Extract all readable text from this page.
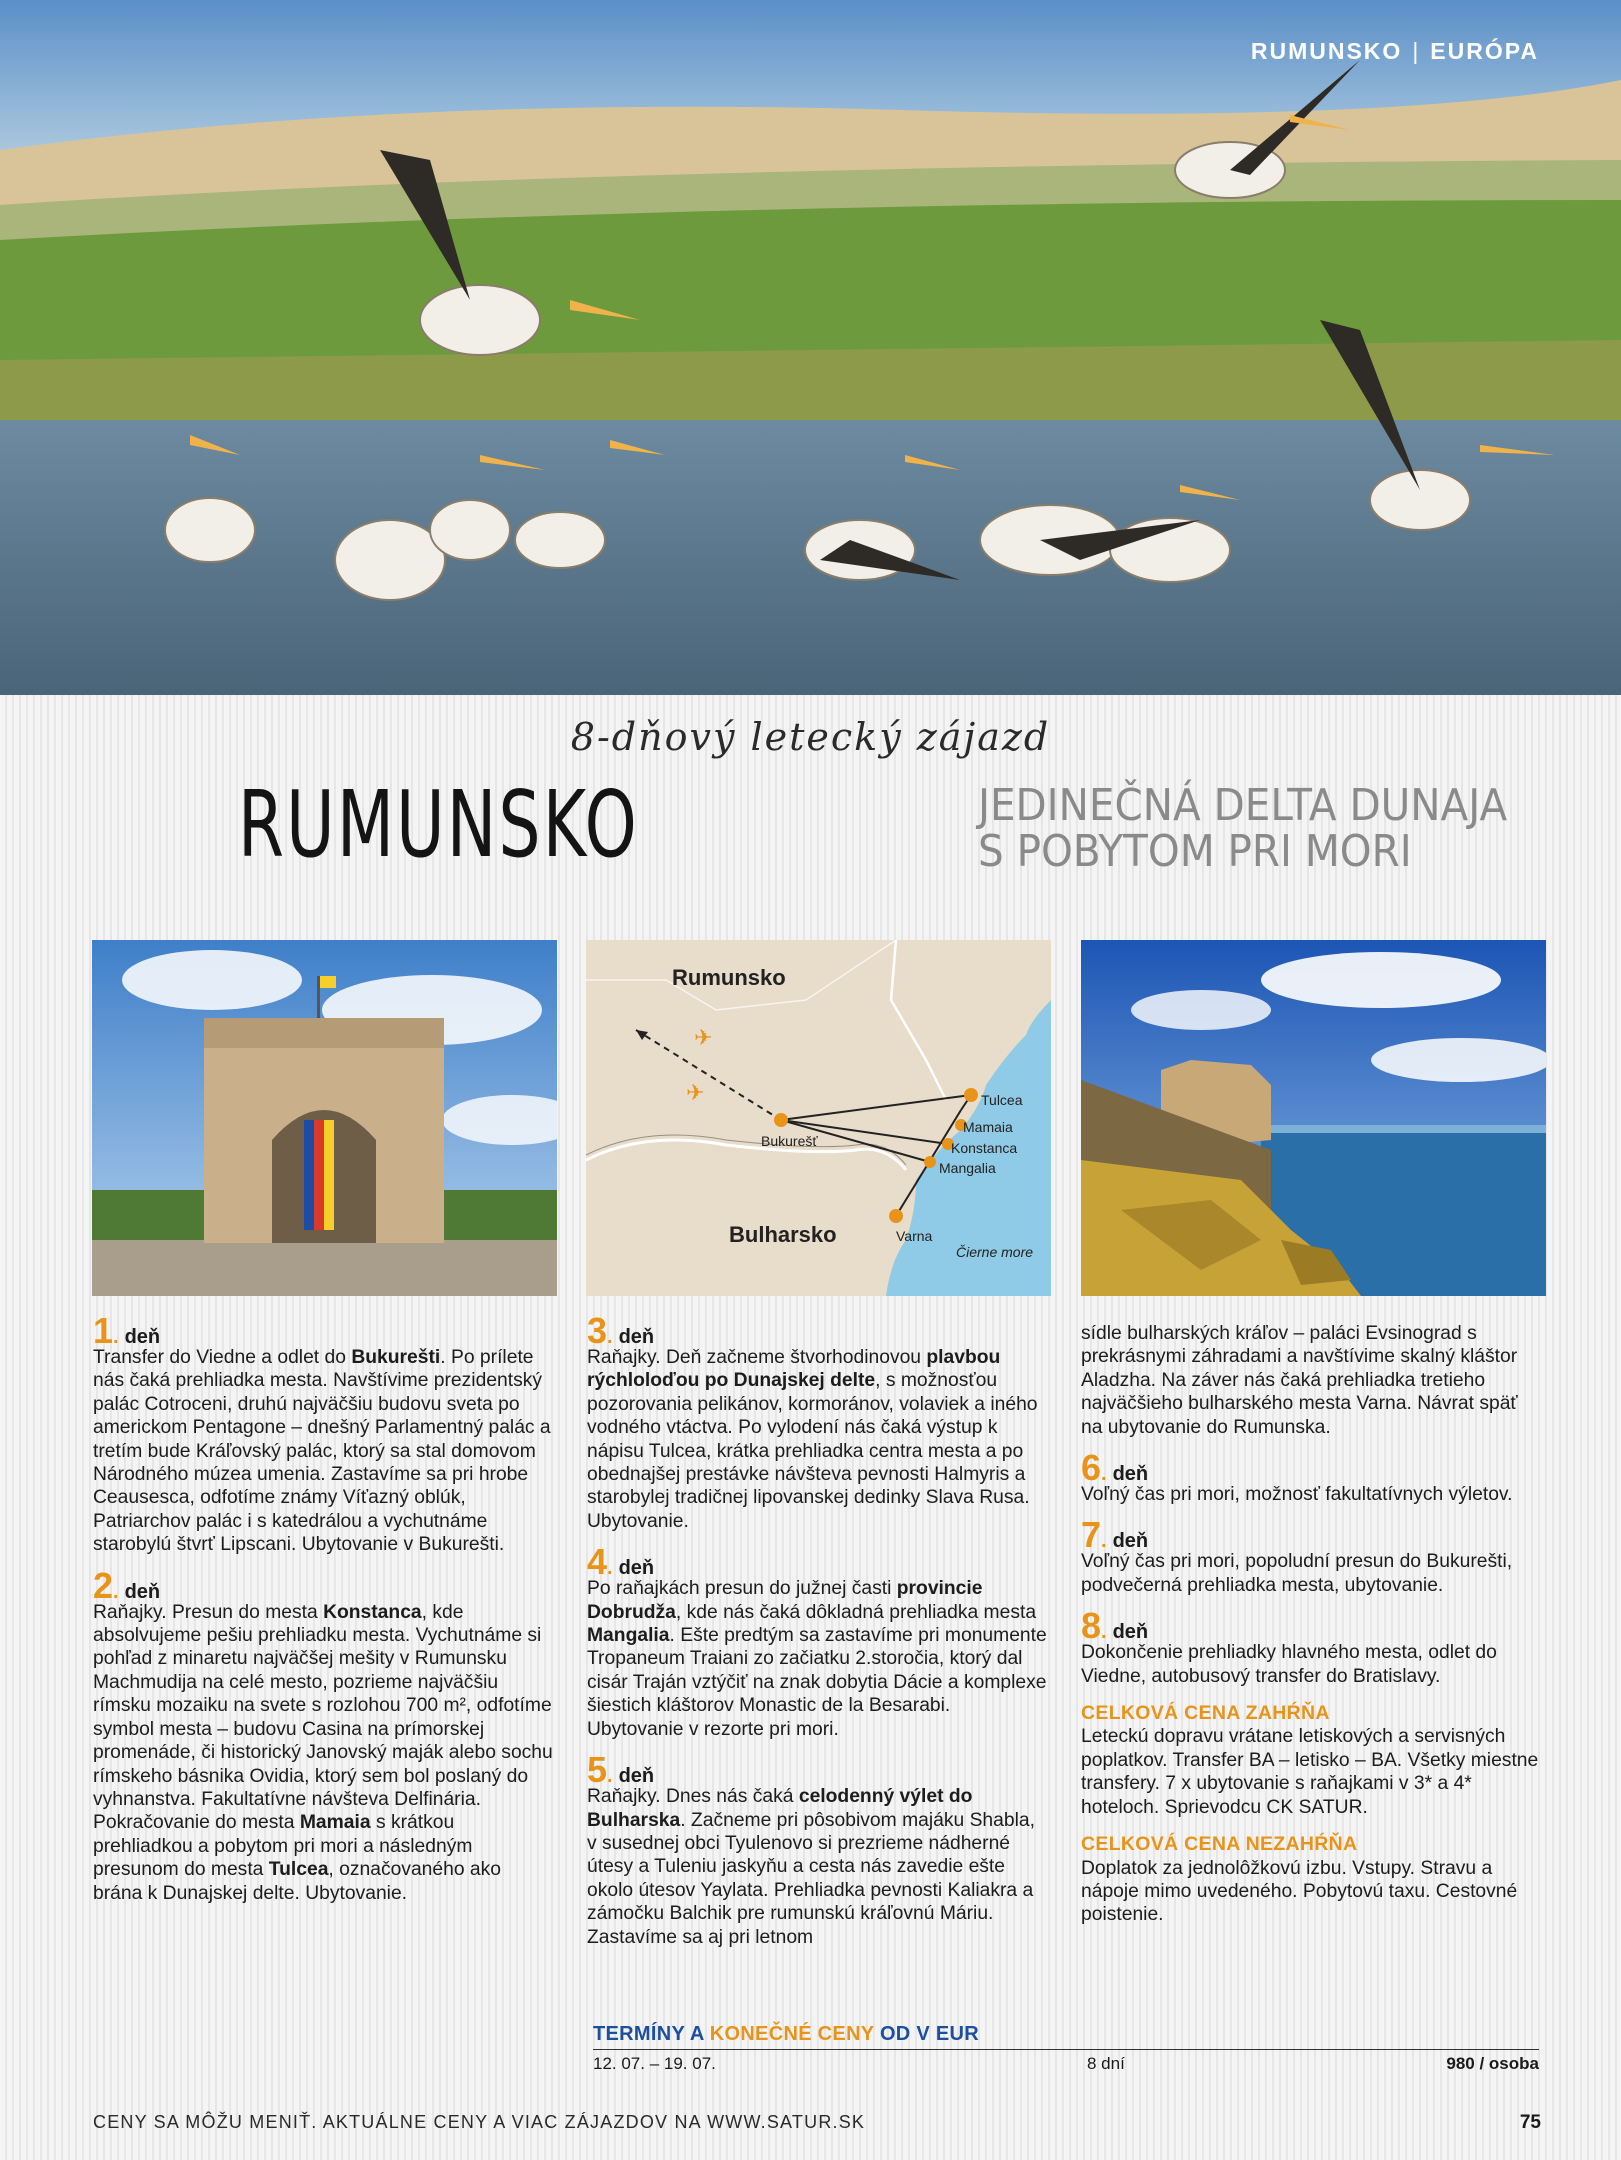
RUMUNSKO | EURÓPA
8-dňový letecký zájazd
RUMUNSKO	JEDINEČNÁ DELTA DUNAJA
S POBYTOM PRI MORI
✈
✈
Rumunsko
Bulharsko
Čierne more
Bukurešť
Tulcea
Mamaia
Konstanca
Mangalia
Varna
1 . deň

Transfer do Viedne a odlet do Bukurešti. Po prílete nás čaká prehliadka mesta. Navštívime prezidentský palác Cotroceni, druhú najväčšiu budovu sveta po americkom Pentagone – dnešný Parlamentný palác a tretím bude Kráľovský palác, ktorý sa stal domovom Národného múzea umenia. Zastavíme sa pri hrobe Ceausesca, odfotíme známy Víťazný oblúk, Patriarchov palác i s katedrálou a vychutnáme starobylú štvrť Lipscani. Ubytovanie v Bukurešti.

2 . deň

Raňajky. Presun do mesta Konstanca, kde absolvujeme pešiu prehliadku mesta. Vychutnáme si pohľad z minaretu najväčšej mešity v Rumunsku Machmudija na celé mesto, pozrieme najväčšiu rímsku mozaiku na svete s rozlohou 700 m², odfotíme symbol mesta – budovu Casina na prímorskej promenáde, či historický Janovský maják alebo sochu rímskeho básnika Ovidia, ktorý sem bol poslaný do vyhnanstva. Fakultatívne návšteva Delfinária. Pokračovanie do mesta Mamaia s krátkou prehliadkou a pobytom pri mori a následným presunom do mesta Tulcea, označovaného ako brána k Dunajskej delte. Ubytovanie.

3 . deň

Raňajky. Deň začneme štvorhodinovou plavbou rýchloloďou po Dunajskej delte, s možnosťou pozorovania pelikánov, kormoránov, volaviek a iného vodného vtáctva. Po vylodení nás čaká výstup k nápisu Tulcea, krátka prehliadka centra mesta a po obednajšej prestávke návšteva pevnosti Halmyris a starobylej tradičnej lipovanskej dedinky Slava Rusa. Ubytovanie.

4 . deň

Po raňajkách presun do južnej časti provincie Dobrudža, kde nás čaká dôkladná prehliadka mesta Mangalia. Ešte predtým sa zastavíme pri monumente Tropaneum Traiani zo začiatku 2.storočia, ktorý dal cisár Traján vztýčiť na znak dobytia Dácie a komplexe šiestich kláštorov Monastic de la Besarabi. Ubytovanie v rezorte pri mori.

5 . deň

Raňajky. Dnes nás čaká celodenný výlet do Bulharska. Začneme pri pôsobivom majáku Shabla, v susednej obci Tyulenovo si prezrieme nádherné útesy a Tuleniu jaskyňu a cesta nás zavedie ešte okolo útesov Yaylata. Prehliadka pevnosti Kaliakra a zámočku Balchik pre rumunskú kráľovnú Máriu. Zastavíme sa aj pri letnom

sídle bulharských kráľov – paláci Evsinograd s prekrásnymi záhradami a navštívime skalný kláštor Aladzha. Na záver nás čaká prehliadka tretieho najväčšieho bulharského mesta Varna. Návrat späť na ubytovanie do Rumunska.

6 . deň

Voľný čas pri mori, možnosť fakultatívnych výletov.

7 . deň

Voľný čas pri mori, popoludní presun do Bukurešti, podvečerná prehliadka mesta, ubytovanie.

8 . deň

Dokončenie prehliadky hlavného mesta, odlet do Viedne, autobusový transfer do Bratislavy.

CELKOVÁ CENA ZAHŔŇA

Leteckú dopravu vrátane letiskových a servisných poplatkov. Transfer BA – letisko – BA. Všetky miestne transfery. 7 x ubytovanie s raňajkami v 3* a 4* hoteloch. Sprievodcu CK SATUR.

CELKOVÁ CENA NEZAHŔŇA

Doplatok za jednolôžkovú izbu. Vstupy. Stravu a nápoje mimo uvedeného. Pobytovú taxu. Cestovné poistenie.

TERMÍNY A KONEČNÉ CENY OD V EUR
12. 07. – 19. 07.	8 dní	980 / osoba
CENY SA MÔŽU MENIŤ. AKTUÁLNE CENY A VIAC ZÁJAZDOV NA WWW.SATUR.SK	75
